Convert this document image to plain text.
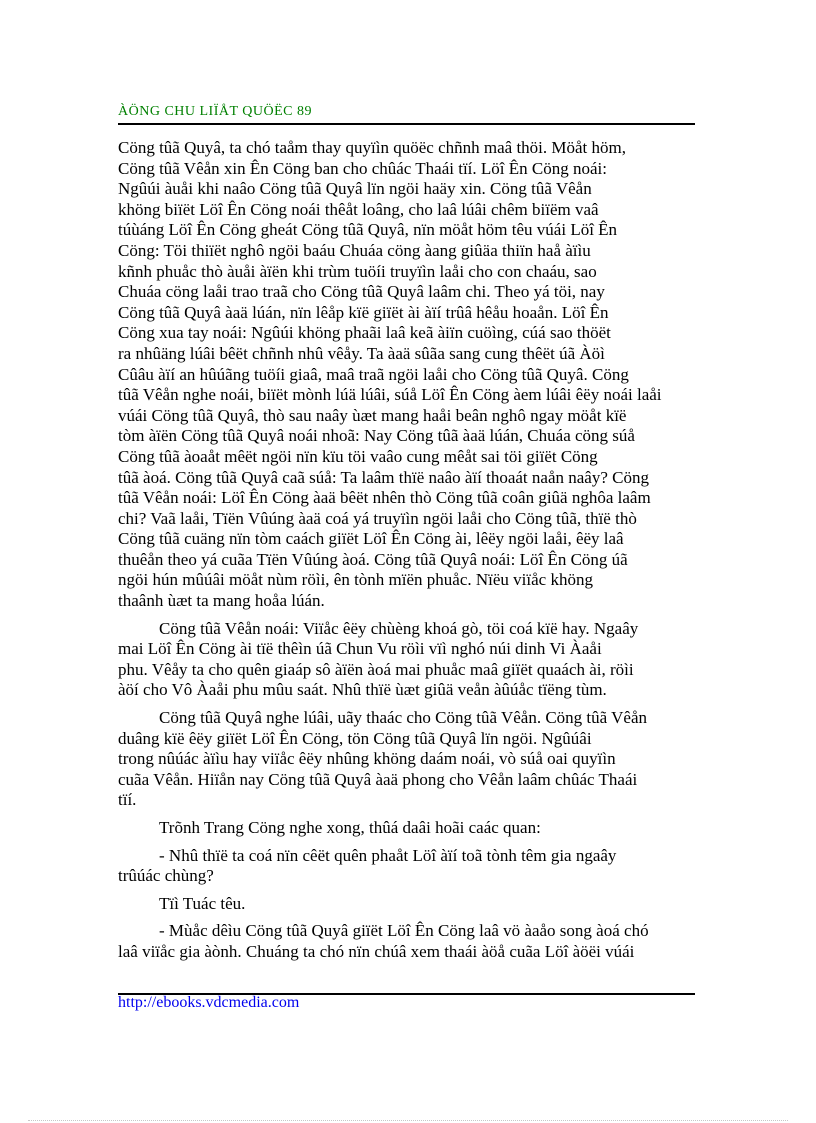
ÀÖNG CHU LIÏÅT QUÖËC 89
Cöng tûã Quyâ, ta chó taåm thay quyïìn quöëc chñnh maâ thöi. Möåt höm,
Cöng tûã Vêån xin Ên Cöng ban cho chûác Thaái tïí. Löî Ên Cöng noái:
Ngûúi àuåi khi naâo Cöng tûã Quyâ lïn ngöi haäy xin. Cöng tûã Vêån
khöng biïët Löî Ên Cöng noái thêåt loâng, cho laâ lúâi chêm biïëm vaâ
túùáng Löî Ên Cöng gheát Cöng tûã Quyâ, nïn möåt höm têu vúái Löî Ên
Cöng: Töi thiïët nghô ngöi baáu Chuáa cöng àang giûäa thiïn haå àïìu
kñnh phuåc thò àuåi àïën khi trùm tuöíi truyïìn laåi cho con chaáu, sao
Chuáa cöng laåi trao traã cho Cöng tûã Quyâ laâm chi. Theo yá töi, nay
Cöng tûã Quyâ àaä lúán, nïn lêåp kïë giïët ài àïí trûâ hêåu hoaån. Löî Ên
Cöng xua tay noái: Ngûúi khöng phaãi laâ keã àiïn cuöìng, cúá sao thöët
ra nhûäng lúâi bêët chñnh nhû vêåy. Ta àaä sûãa sang cung thêët úã Àöì
Cûâu àïí an hûúãng tuöíi giaâ, maâ traã ngöi laåi cho Cöng tûã Quyâ. Cöng
tûã Vêån nghe noái, biïët mònh lúä lúâi, súå Löî Ên Cöng àem lúâi êëy noái laåi
vúái Cöng tûã Quyâ, thò sau naây ùæt mang haåi beân nghô ngay möåt kïë
tòm àïën Cöng tûã Quyâ noái nhoã: Nay Cöng tûã àaä lúán, Chuáa cöng súå
Cöng tûã àoaåt mêët ngöi nïn kïu töi vaâo cung mêåt sai töi giïët Cöng
tûã àoá. Cöng tûã Quyâ caã súå: Ta laâm thïë naâo àïí thoaát naån naây? Cöng
tûã Vêån noái: Löî Ên Cöng àaä bêët nhên thò Cöng tûã coân giûä nghôa laâm
chi? Vaã laåi, Tïën Vûúng àaä coá yá truyïìn ngöi laåi cho Cöng tûã, thïë thò
Cöng tûã cuäng nïn tòm caách giïët Löî Ên Cöng ài, lêëy ngöi laåi, êëy laâ
thuêån theo yá cuãa Tïën Vûúng àoá. Cöng tûã Quyâ noái: Löî Ên Cöng úã
ngöi hún mûúâi möåt nùm röìi, ên tònh mïën phuåc. Nïëu viïåc khöng
thaânh ùæt ta mang hoåa lúán.
Cöng tûã Vêån noái: Viïåc êëy chùèng khoá gò, töi coá kïë hay. Ngaây
mai Löî Ên Cöng ài tïë thêìn úã Chun Vu röìi vïì nghó núi dinh Vi Àaåi
phu. Vêåy ta cho quên giaáp sô àïën àoá mai phuåc maâ giïët quaách ài, röìi
àöí cho Vô Àaåi phu mûu saát. Nhû thïë ùæt giûä veån àûúåc tïëng tùm.
Cöng tûã Quyâ nghe lúâi, uãy thaác cho Cöng tûã Vêån. Cöng tûã Vêån
duâng kïë êëy giïët Löî Ên Cöng, tön Cöng tûã Quyâ lïn ngöi. Ngûúâi
trong nûúác àïìu hay viïåc êëy nhûng khöng daám noái, vò súå oai quyïìn
cuãa Vêån. Hiïån nay Cöng tûã Quyâ àaä phong cho Vêån laâm chûác Thaái
tïí.
Trõnh Trang Cöng nghe xong, thûá daâi hoãi caác quan:
- Nhû thïë ta coá nïn cêët quên phaåt Löî àïí toã tònh têm gia ngaây
trûúác chùng?
Tïì Tuác têu.
- Mùåc dêìu Cöng tûã Quyâ giïët Löî Ên Cöng laâ vö àaåo song àoá chó
laâ viïåc gia àònh. Chuáng ta chó nïn chúâ xem thaái àöå cuãa Löî àöëi vúái
http://ebooks.vdcmedia.com
